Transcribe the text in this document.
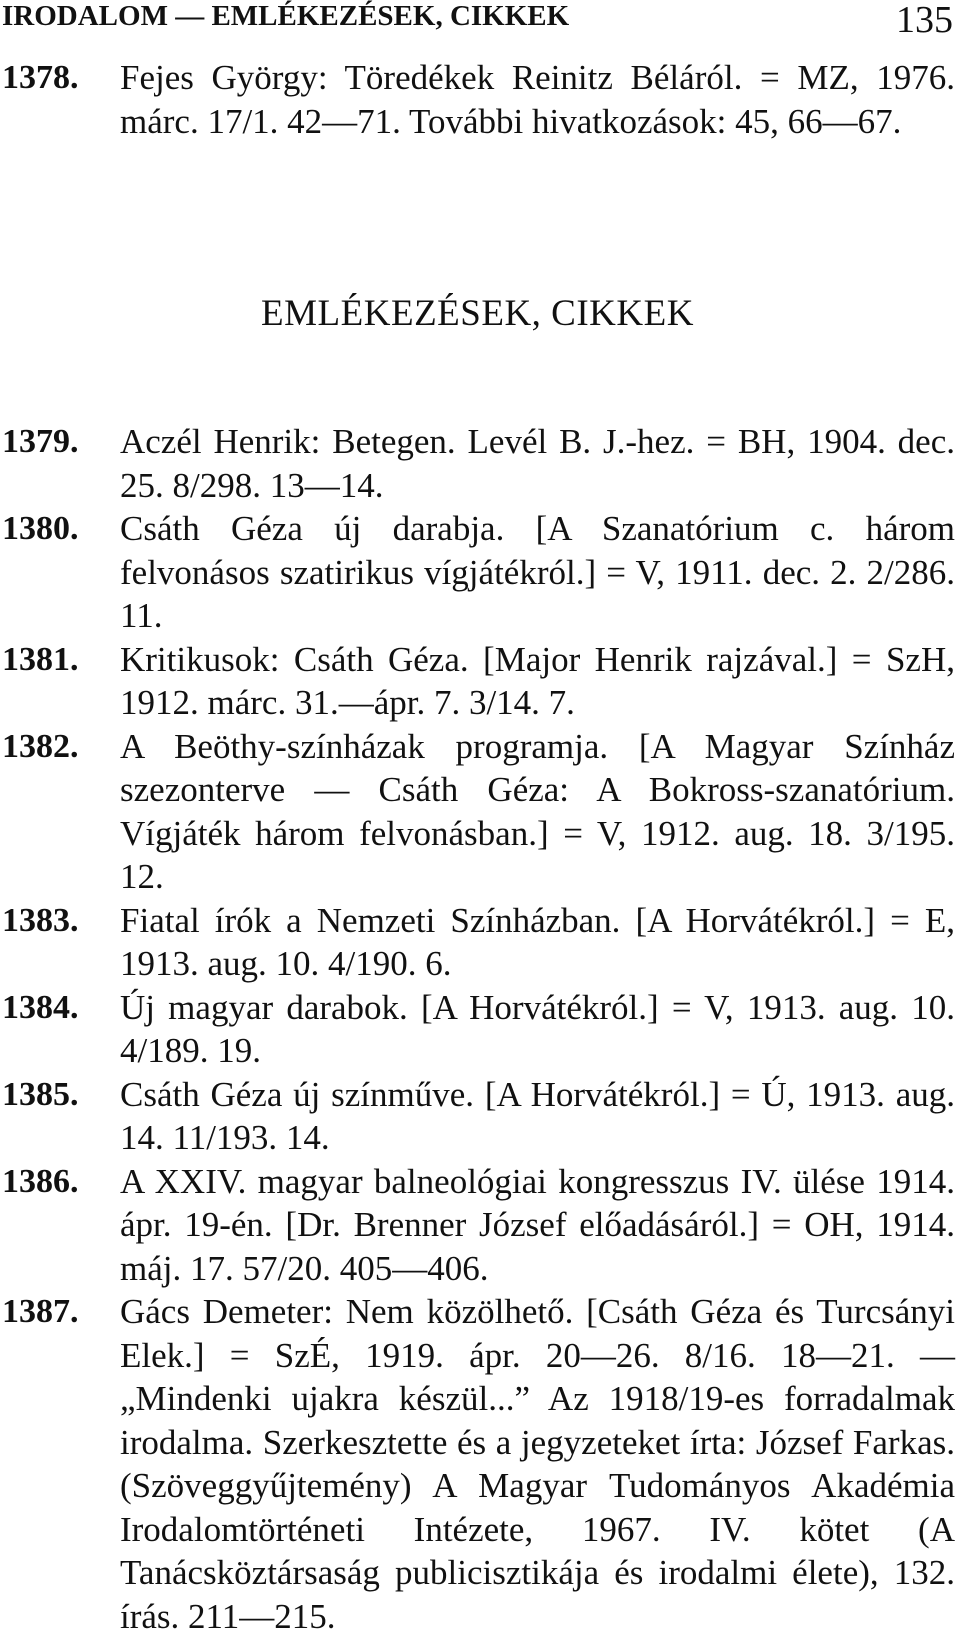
IRODALOM — EMLÉKEZÉSEK, CIKKEK	135
1378.	Fejes György: Töredékek Reinitz Béláról. = MZ, 1976. márc. 17/1. 42—71. További hivatkozások: 45, 66—67.
EMLÉKEZÉSEK, CIKKEK
1379.	Aczél Henrik: Betegen. Levél B. J.-hez. = BH, 1904. dec. 25. 8/298. 13—14.
1380.	Csáth Géza új darabja. [A Szanatórium c. három felvonásos szatirikus vígjátékról.] = V, 1911. dec. 2. 2/286. 11.
1381.	Kritikusok: Csáth Géza. [Major Henrik rajzával.] = SzH, 1912. márc. 31.—ápr. 7. 3/14. 7.
1382.	A Beöthy-színházak programja. [A Magyar Színház szezonterve — Csáth Géza: A Bokross-szanatórium. Vígjáték három felvonásban.] = V, 1912. aug. 18. 3/195. 12.
1383.	Fiatal írók a Nemzeti Színházban. [A Horvátékról.] = E, 1913. aug. 10. 4/190. 6.
1384.	Új magyar darabok. [A Horvátékról.] = V, 1913. aug. 10. 4/189. 19.
1385.	Csáth Géza új színműve. [A Horvátékról.] = Ú, 1913. aug. 14. 11/193. 14.
1386.	A XXIV. magyar balneológiai kongresszus IV. ülése 1914. ápr. 19-én. [Dr. Brenner József előadásáról.] = OH, 1914. máj. 17. 57/20. 405—406.
1387.	Gács Demeter: Nem közölhető. [Csáth Géza és Turcsányi Elek.] = SzÉ, 1919. ápr. 20—26. 8/16. 18—21. — „Mindenki ujakra készül...” Az 1918/19-es forradalmak irodalma. Szerkesztette és a jegyzeteket írta: József Farkas. (Szöveggyűjtemény) A Magyar Tudományos Akadémia Irodalomtörténeti Intézete, 1967. IV. kötet (A Tanácsköztársaság publicisztikája és irodalmi élete), 132. írás. 211—215.
